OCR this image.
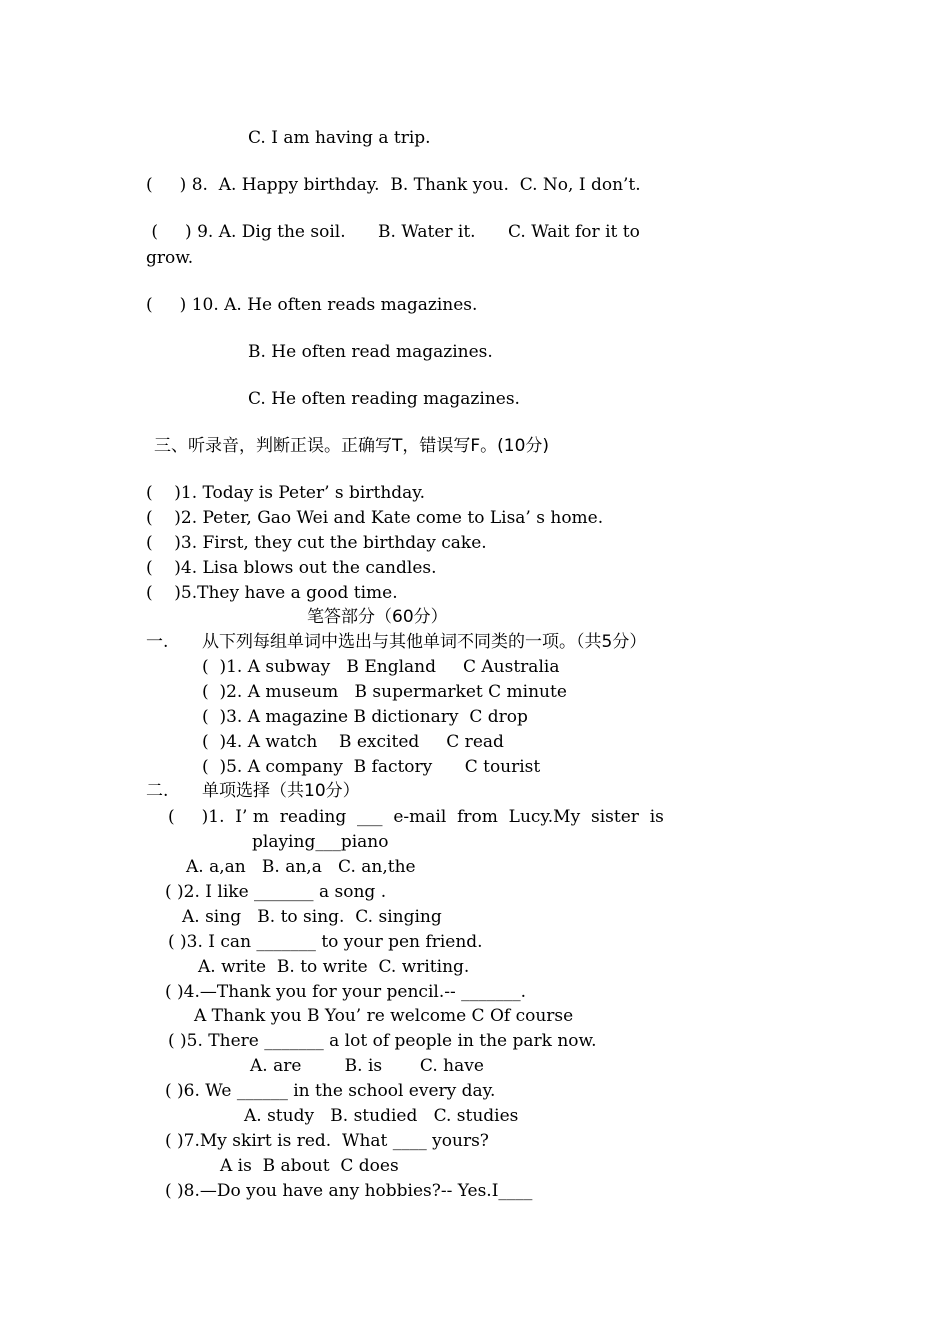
C. I am having a trip.
(     ) 8.  A. Happy birthday.  B. Thank you.  C. No, I don’t.
(     ) 9. A. Dig the soil.      B. Water it.      C. Wait for it to
grow.
(     ) 10. A. He often reads magazines.
B. He often read magazines.
C. He often reading magazines.
三、听录音，判断正误。正确写T，错误写F。(10分)
(    )1. Today is Peter’ s birthday.
(    )2. Peter, Gao Wei and Kate come to Lisa’ s home.
(    )3. First, they cut the birthday cake.
(    )4. Lisa blows out the candles.
(    )5.They have a good time.
笔答部分（60分）
一. 从下列每组单词中选出与其他单词不同类的一项。（共5分）
(  )1. A subway   B England     C Australia
(  )2. A museum   B supermarket C minute
(  )3. A magazine B dictionary  C drop
(  )4. A watch    B excited     C read
(  )5. A company  B factory      C tourist
二. 单项选择（共10分）
(     )1.  I’ m  reading  ___  e-mail  from  Lucy.My  sister  is
playing___piano
A. a,an   B. an,a   C. an,the
( )2. I like _______ a song .
A. sing   B. to sing.  C. singing
( )3. I can _______ to your pen friend.
A. write  B. to write  C. writing.
( )4.—Thank you for your pencil.-- _______.
A Thank you B You’ re welcome C Of course
( )5. There _______ a lot of people in the park now.
A. are        B. is       C. have
( )6. We ______ in the school every day.
A. study   B. studied   C. studies
( )7.My skirt is red.  What ____ yours?
A is  B about  C does
( )8.—Do you have any hobbies?-- Yes.I____
